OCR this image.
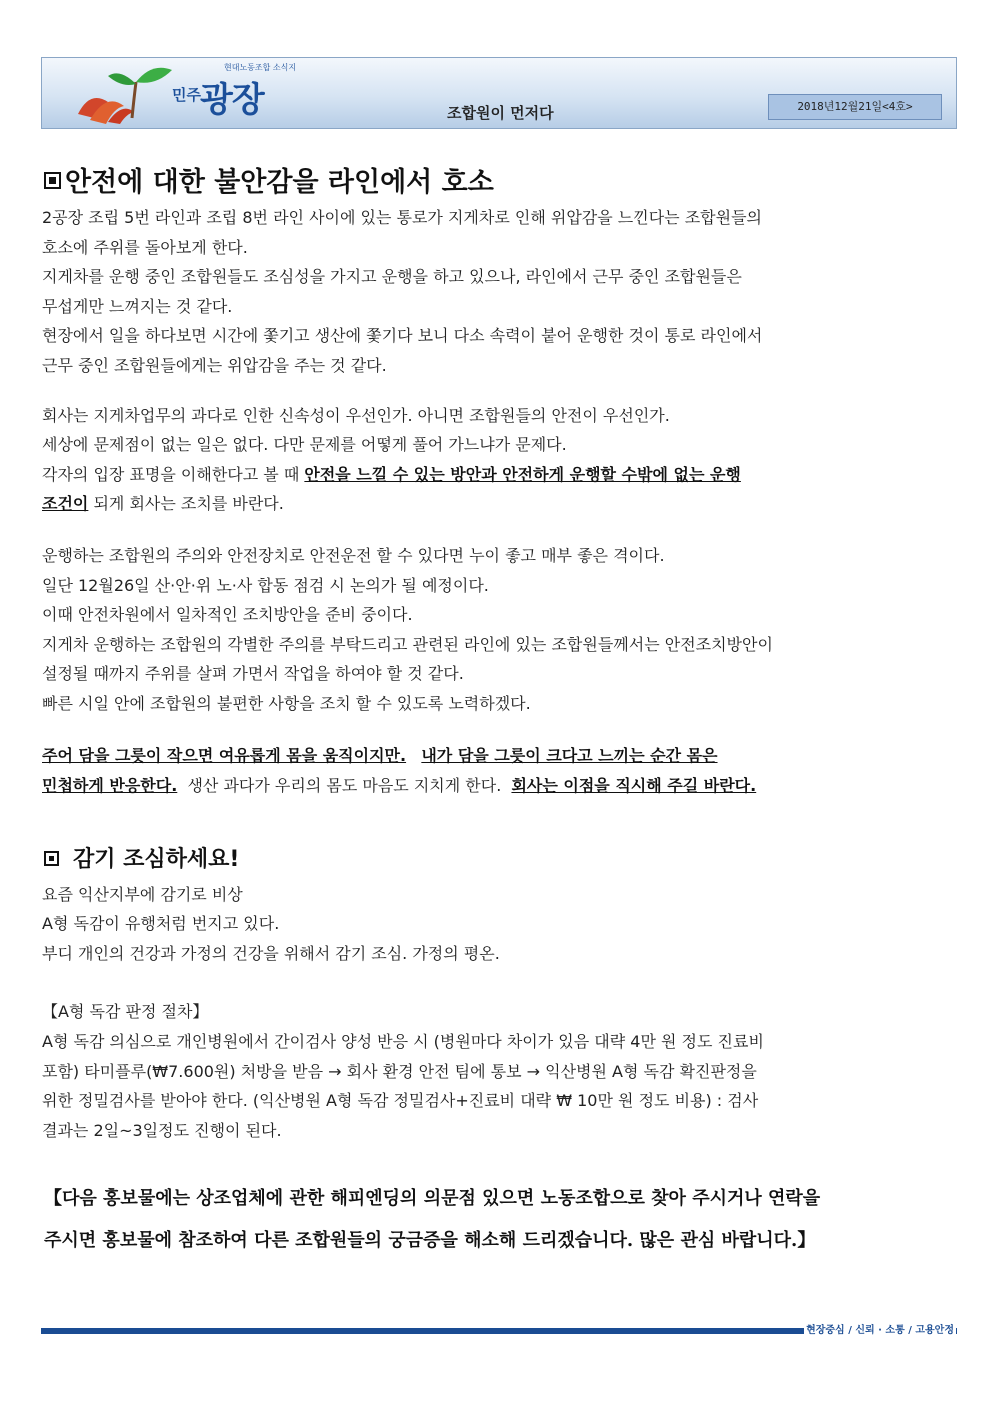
현대노동조합 소식지
민주 광장	조합원이 먼저다	2018년12월21일<4호>
안전에 대한 불안감을 라인에서 호소
2공장 조립 5번 라인과 조립 8번 라인 사이에 있는 통로가 지게차로 인해 위압감을 느낀다는 조합원들의
호소에 주위를 돌아보게 한다.
지게차를 운행 중인 조합원들도 조심성을 가지고 운행을 하고 있으나, 라인에서 근무 중인 조합원들은
무섭게만 느껴지는 것 같다.
현장에서 일을 하다보면 시간에 쫓기고 생산에 쫓기다 보니 다소 속력이 붙어 운행한 것이 통로 라인에서
근무 중인 조합원들에게는 위압감을 주는 것 같다.
회사는 지게차업무의 과다로 인한 신속성이 우선인가. 아니면 조합원들의 안전이 우선인가.
세상에 문제점이 없는 일은 없다. 다만 문제를 어떻게 풀어 가느냐가 문제다.
각자의 입장 표명을 이해한다고 볼 때 안전을 느낄 수 있는 방안과 안전하게 운행할 수밖에 없는 운행
조건이 되게 회사는 조치를 바란다.
운행하는 조합원의 주의와 안전장치로 안전운전 할 수 있다면 누이 좋고 매부 좋은 격이다.
일단 12월26일 산·안·위 노·사 합동 점검 시 논의가 될 예정이다.
이때 안전차원에서 일차적인 조치방안을 준비 중이다.
지게차 운행하는 조합원의 각별한 주의를 부탁드리고 관련된 라인에 있는 조합원들께서는 안전조치방안이
설정될 때까지 주위를 살펴 가면서 작업을 하여야 할 것 같다.
빠른 시일 안에 조합원의 불편한 사항을 조치 할 수 있도록 노력하겠다.
주어 담을 그릇이 작으면 여유롭게 몸을 움직이지만. 내가 담을 그릇이 크다고 느끼는 순간 몸은
민첩하게 반응한다.  생산 과다가 우리의 몸도 마음도 지치게 한다.  회사는 이점을 직시해 주길 바란다.
감기 조심하세요!
요즘 익산지부에 감기로 비상
A형 독감이 유행처럼 번지고 있다.
부디 개인의 건강과 가정의 건강을 위해서 감기 조심. 가정의 평온.
【A형 독감 판정 절차】
A형 독감 의심으로 개인병원에서 간이검사 양성 반응 시 (병원마다 차이가 있음 대략 4만 원 정도 진료비
포함) 타미플루(₩7.600원) 처방을 받음 → 회사 환경 안전 팀에 통보 → 익산병원 A형 독감 확진판정을
위한 정밀검사를 받아야 한다. (익산병원 A형 독감 정밀검사+진료비 대략 ₩ 10만 원 정도 비용) : 검사
결과는 2일~3일정도 진행이 된다.
【다음 홍보물에는 상조업체에 관한 해피엔딩의 의문점 있으면 노동조합으로 찾아 주시거나 연락을
주시면 홍보물에 참조하여 다른 조합원들의 궁금증을 해소해 드리겠습니다. 많은 관심 바랍니다.】
현장중심 / 신뢰 · 소통 / 고용안정
